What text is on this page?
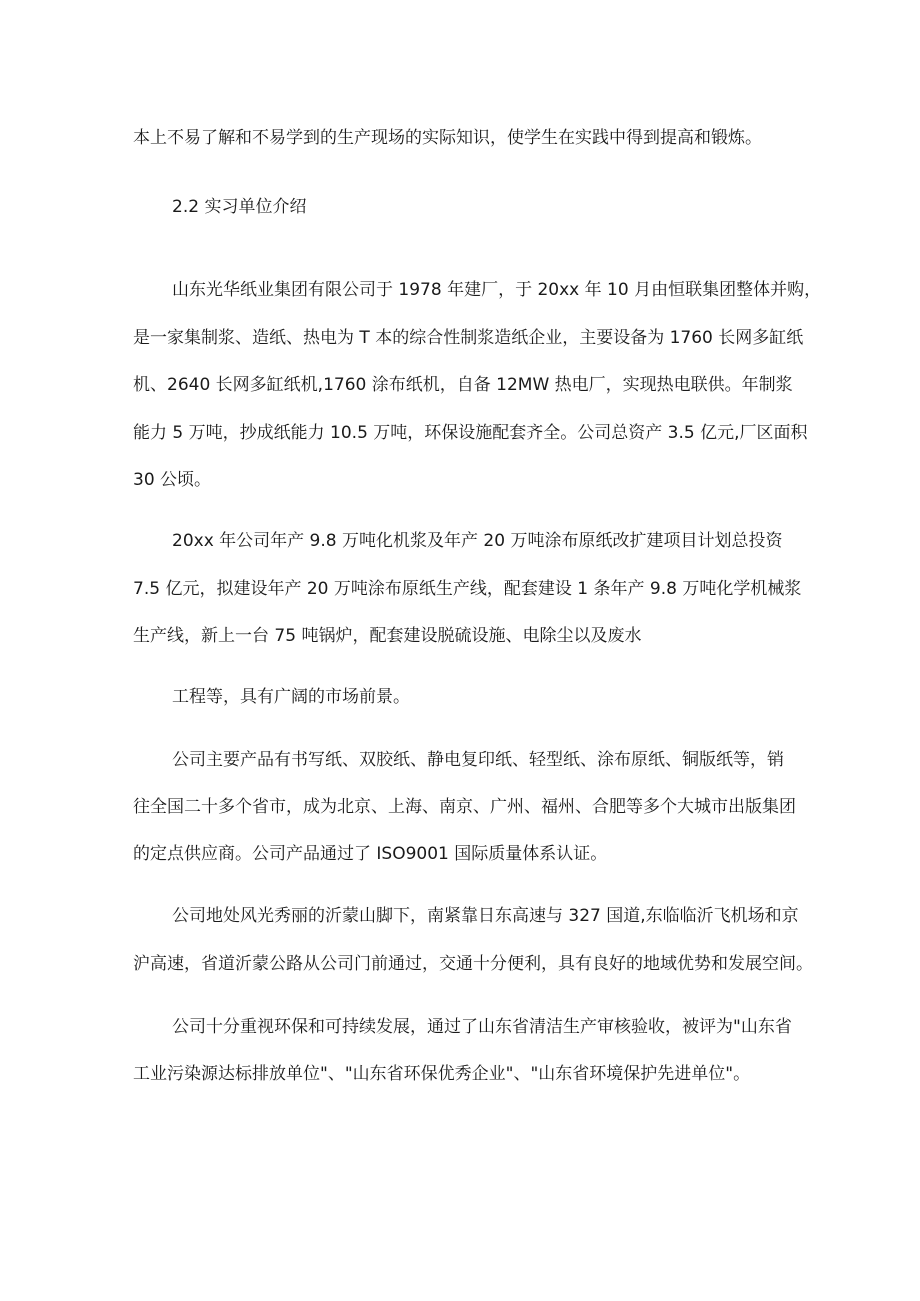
本上不易了解和不易学到的生产现场的实际知识，使学生在实践中得到提高和锻炼。
2.2 实习单位介绍
山东光华纸业集团有限公司于 1978 年建厂，于 20xx 年 10 月由恒联集团整体并购，
是一家集制浆、造纸、热电为 T 本的综合性制浆造纸企业，主要设备为 1760 长网多缸纸
机、2640 长网多缸纸机,1760 涂布纸机，自备 12MW 热电厂，实现热电联供。年制浆
能力 5 万吨，抄成纸能力 10.5 万吨，环保设施配套齐全。公司总资产 3.5 亿元,厂区面积
30 公顷。
20xx 年公司年产 9.8 万吨化机浆及年产 20 万吨涂布原纸改扩建项目计划总投资
7.5 亿元，拟建设年产 20 万吨涂布原纸生产线，配套建设 1 条年产 9.8 万吨化学机械浆
生产线，新上一台 75 吨锅炉，配套建设脱硫设施、电除尘以及废水
工程等，具有广阔的市场前景。
公司主要产品有书写纸、双胶纸、静电复印纸、轻型纸、涂布原纸、铜版纸等，销
往全国二十多个省市，成为北京、上海、南京、广州、福州、合肥等多个大城市出版集团
的定点供应商。公司产品通过了 ISO9001 国际质量体系认证。
公司地处风光秀丽的沂蒙山脚下，南紧靠日东高速与 327 国道,东临临沂飞机场和京
沪高速，省道沂蒙公路从公司门前通过，交通十分便利，具有良好的地域优势和发展空间。
公司十分重视环保和可持续发展，通过了山东省清洁生产审核验收，被评为"山东省
工业污染源达标排放单位"、"山东省环保优秀企业"、"山东省环境保护先进单位"。
